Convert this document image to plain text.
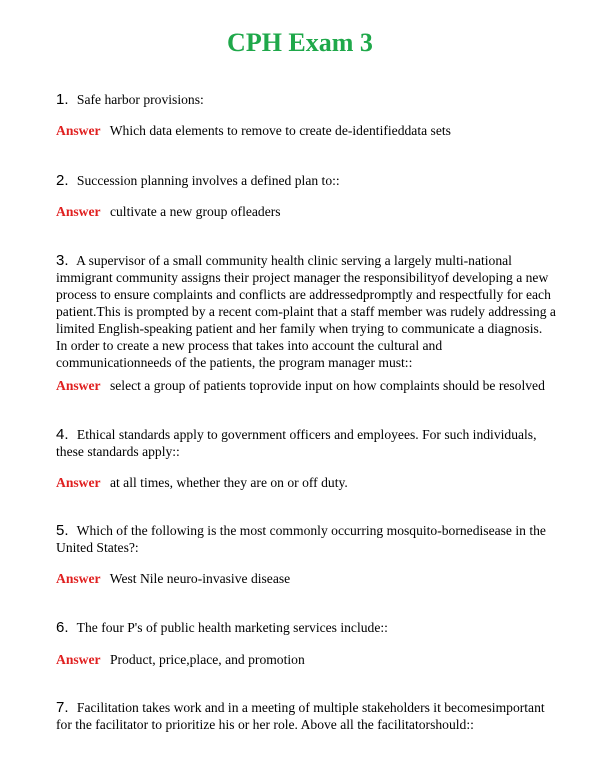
CPH Exam 3
1. Safe harbor provisions:
Answer Which data elements to remove to create de-identifieddata sets
2. Succession planning involves a defined plan to::
Answer cultivate a new group ofleaders
3. A supervisor of a small community health clinic serving a largely multi-national immigrant community assigns their project manager the responsibilityof developing a new process to ensure complaints and conflicts are addressedpromptly and respectfully for each patient.This is prompted by a recent com-plaint that a staff member was rudely addressing a limited English-speaking patient and her family when trying to communicate a diagnosis. In order to create a new process that takes into account the cultural and communicationneeds of the patients, the program manager must::
Answer select a group of patients toprovide input on how complaints should be resolved
4. Ethical standards apply to government officers and employees. For such individuals, these standards apply::
Answer at all times, whether they are on or off duty.
5. Which of the following is the most commonly occurring mosquito-bornedisease in the United States?:
Answer West Nile neuro-invasive disease
6. The four P's of public health marketing services include::
Answer Product, price,place, and promotion
7. Facilitation takes work and in a meeting of multiple stakeholders it becomesimportant for the facilitator to prioritize his or her role. Above all the facilitatorshould::
